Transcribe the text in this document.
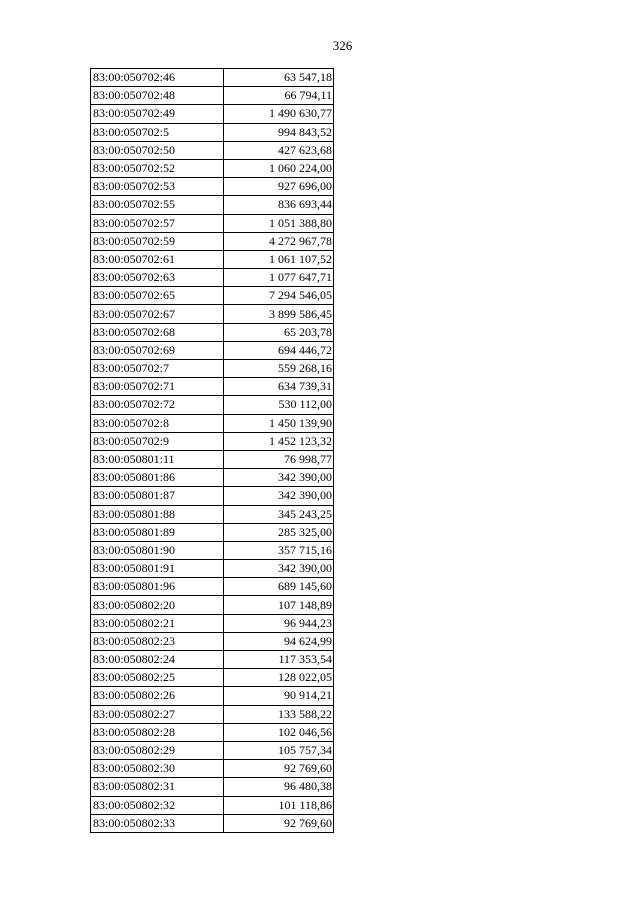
326
83:00:050702:46	63 547,18
83:00:050702:48	66 794,11
83:00:050702:49	1 490 630,77
83:00:050702:5	994 843,52
83:00:050702:50	427 623,68
83:00:050702:52	1 060 224,00
83:00:050702:53	927 696,00
83:00:050702:55	836 693,44
83:00:050702:57	1 051 388,80
83:00:050702:59	4 272 967,78
83:00:050702:61	1 061 107,52
83:00:050702:63	1 077 647,71
83:00:050702:65	7 294 546,05
83:00:050702:67	3 899 586,45
83:00:050702:68	65 203,78
83:00:050702:69	694 446,72
83:00:050702:7	559 268,16
83:00:050702:71	634 739,31
83:00:050702:72	530 112,00
83:00:050702:8	1 450 139,90
83:00:050702:9	1 452 123,32
83:00:050801:11	76 998,77
83:00:050801:86	342 390,00
83:00:050801:87	342 390,00
83:00:050801:88	345 243,25
83:00:050801:89	285 325,00
83:00:050801:90	357 715,16
83:00:050801:91	342 390,00
83:00:050801:96	689 145,60
83:00:050802:20	107 148,89
83:00:050802:21	96 944,23
83:00:050802:23	94 624,99
83:00:050802:24	117 353,54
83:00:050802:25	128 022,05
83:00:050802:26	90 914,21
83:00:050802:27	133 588,22
83:00:050802:28	102 046,56
83:00:050802:29	105 757,34
83:00:050802:30	92 769,60
83:00:050802:31	96 480,38
83:00:050802:32	101 118,86
83:00:050802:33	92 769,60
